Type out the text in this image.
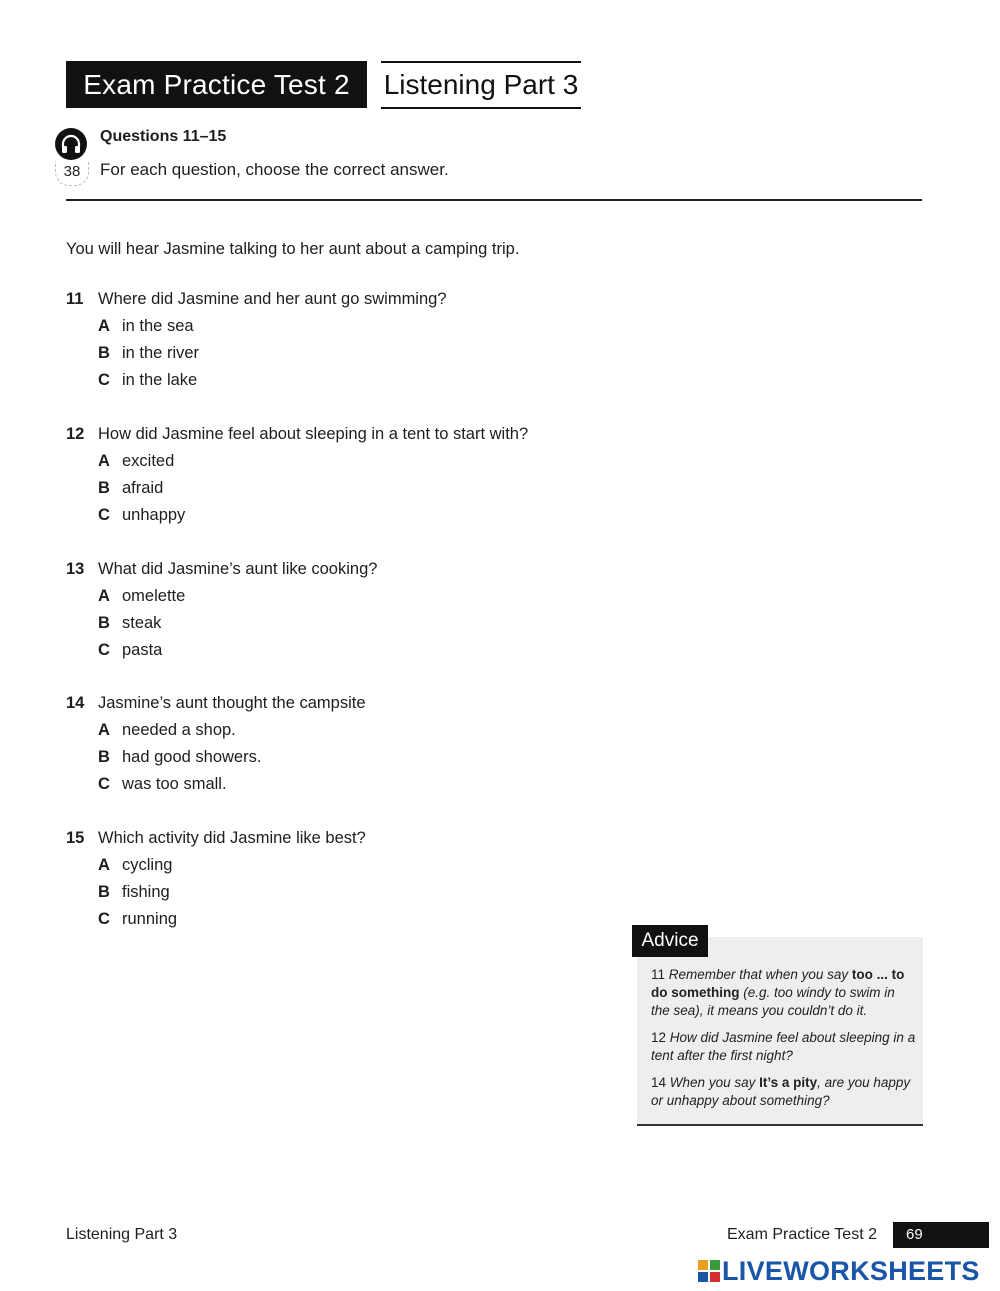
Exam Practice Test 2	Listening Part 3
38
Questions 11–15
For each question, choose the correct answer.
You will hear Jasmine talking to her aunt about a camping trip.
11 Where did Jasmine and her aunt go swimming?
A in the sea
B in the river
C in the lake
12 How did Jasmine feel about sleeping in a tent to start with?
A excited
B afraid
C unhappy
13 What did Jasmine’s aunt like cooking?
A omelette
B steak
C pasta
14 Jasmine’s aunt thought the campsite
A needed a shop.
B had good showers.
C was too small.
15 Which activity did Jasmine like best?
A cycling
B fishing
C running
11 Remember that when you say too ... to do something (e.g. too windy to swim in the sea), it means you couldn’t do it.
12 How did Jasmine feel about sleeping in a tent after the first night?
14 When you say It’s a pity, are you happy or unhappy about something?
Advice
Listening Part 3	Exam Practice Test 2	69
LIVEWORKSHEETS
